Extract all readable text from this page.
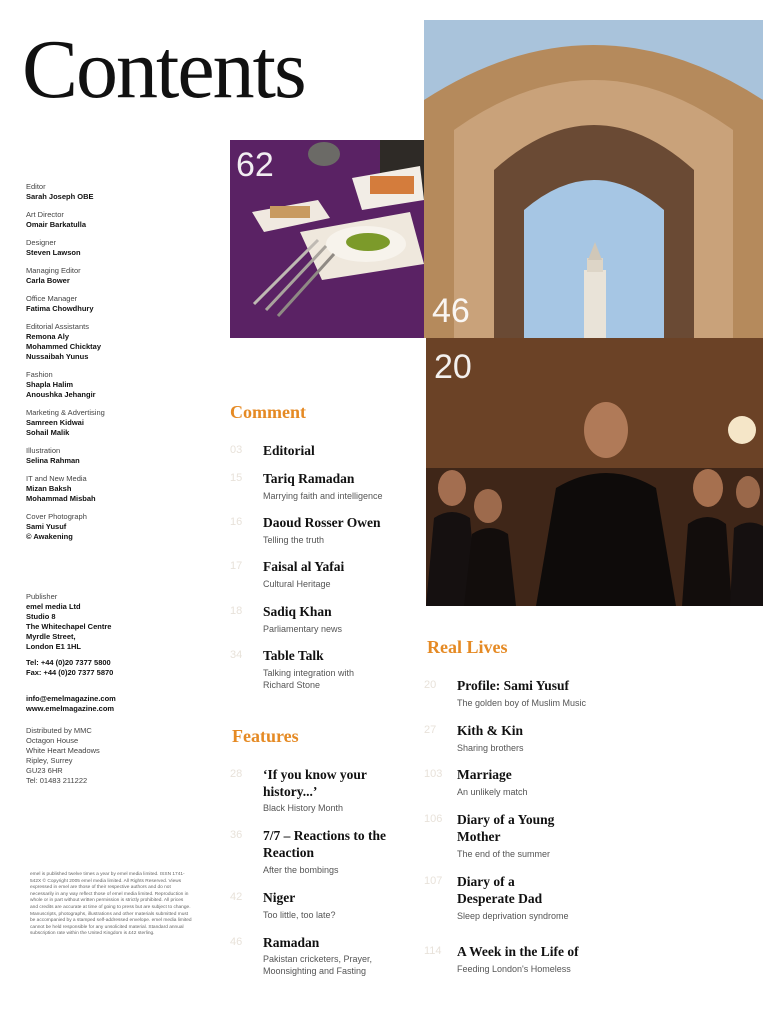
Contents
Editor
Sarah Joseph OBE
Art Director
Omair Barkatulla
Designer
Steven Lawson
Managing Editor
Carla Bower
Office Manager
Fatima Chowdhury
Editorial Assistants
Remona Aly
Mohammed Chicktay
Nussaibah Yunus
Fashion
Shapla Halim
Anoushka Jehangir
Marketing & Advertising
Samreen Kidwai
Sohail Malik
Illustration
Selina Rahman
IT and New Media
Mizan Baksh
Mohammad Misbah
Cover Photograph
Sami Yusuf
© Awakening
Publisher
emel media Ltd
Studio 8
The Whitechapel Centre
Myrdle Street,
London E1 1HL
Tel: +44 (0)20 7377 5800
Fax: +44 (0)20 7377 5870
info@emelmagazine.com
www.emelmagazine.com
Distributed by MMC
Octagon House
White Heart Meadows
Ripley, Surrey
GU23 6HR
Tel: 01483 211222
emel is published twelve times a year by emel media limited. ISSN 1741-542X © Copyright 2005 emel media limited. All Rights Reserved. Views expressed in emel are those of their respective authors and do not necessarily in any way reflect those of emel media limited. Reproduction in whole or in part without written permission is strictly prohibited. All prices and credits are accurate at time of going to press but are subject to change. Manuscripts, photographs, illustrations and other materials submitted must be accompanied by a stamped self-addressed envelope. emel media limited cannot be held responsible for any unsolicited material. Standard annual subscription rate within the United Kingdom is £42 sterling.
62
46
20
Comment
03	Editorial
15	Tariq Ramadan
Marrying faith and intelligence
16	Daoud Rosser Owen
Telling the truth
17	Faisal al Yafai
Cultural Heritage
18	Sadiq Khan
Parliamentary news
34	Table Talk
Talking integration with Richard Stone
Features
28	‘If you know your history...’
Black History Month
36	7/7 – Reactions to the Reaction
After the bombings
42	Niger
Too little, too late?
46	Ramadan
Pakistan cricketers, Prayer, Moonsighting and Fasting
Real Lives
20	Profile: Sami Yusuf
The golden boy of Muslim Music
27	Kith & Kin
Sharing brothers
103	Marriage
An unlikely match
106	Diary of a Young Mother
The end of the summer
107	Diary of a Desperate Dad
Sleep deprivation syndrome
114	A Week in the Life of
Feeding London's Homeless
